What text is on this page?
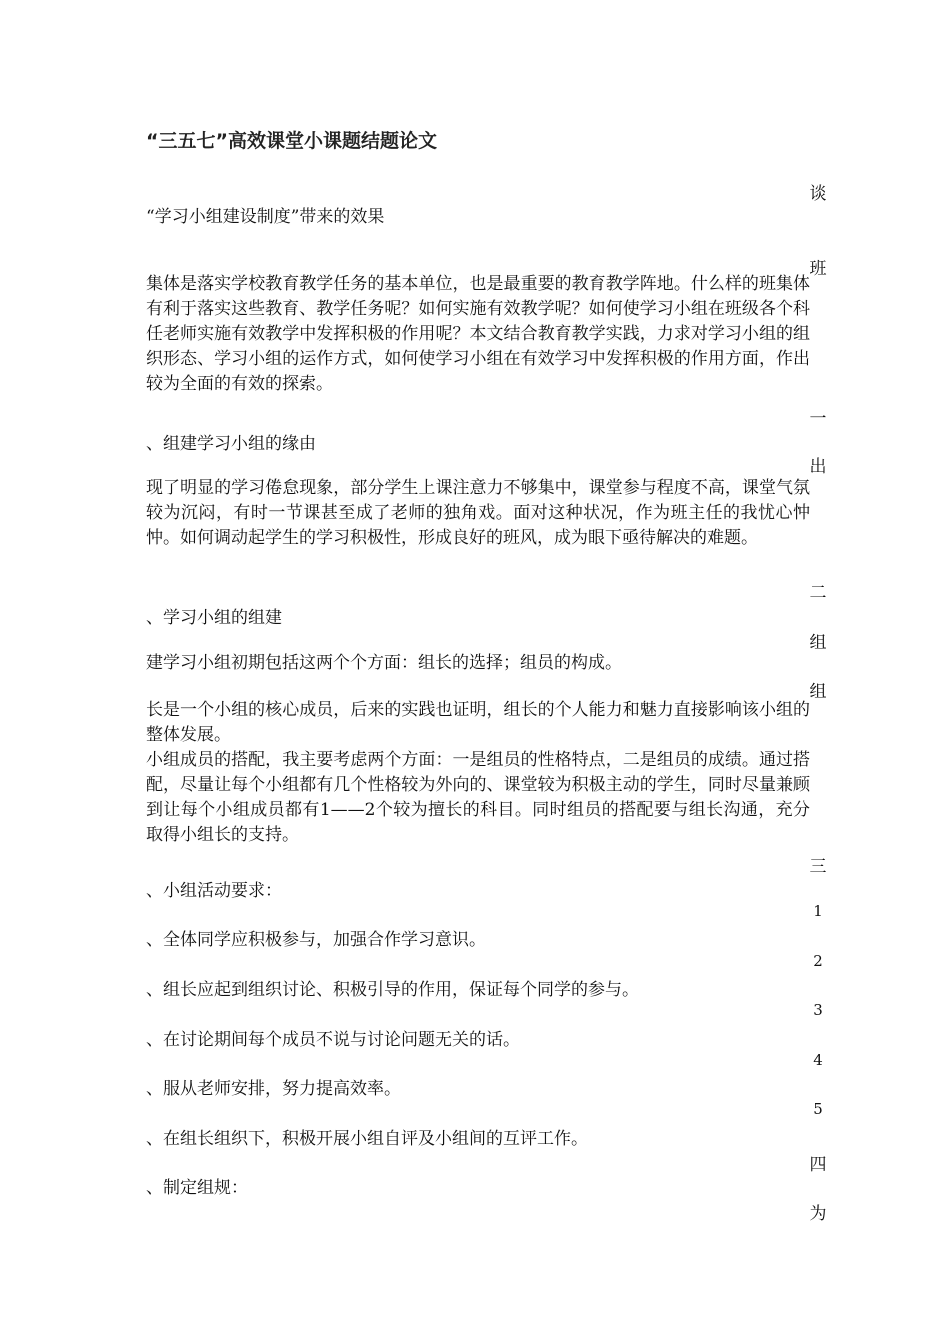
“三五七”高效课堂小课题结题论文
“学习小组建设制度”带来的效果

集体是落实学校教育教学任务的基本单位，也是最重要的教育教学阵地。什么样的班集体有利于落实这些教育、教学任务呢？如何实施有效教学呢？如何使学习小组在班级各个科任老师实施有效教学中发挥积极的作用呢？本文结合教育教学实践，力求对学习小组的组织形态、学习小组的运作方式，如何使学习小组在有效学习中发挥积极的作用方面，作出较为全面的有效的探索。

、组建学习小组的缘由

现了明显的学习倦怠现象，部分学生上课注意力不够集中，课堂参与程度不高，课堂气氛较为沉闷，有时一节课甚至成了老师的独角戏。面对这种状况，作为班主任的我忧心忡忡。如何调动起学生的学习积极性，形成良好的班风，成为眼下亟待解决的难题。

、学习小组的组建

建学习小组初期包括这两个个方面：组长的选择；组员的构成。

长是一个小组的核心成员，后来的实践也证明，组长的个人能力和魅力直接影响该小组的整体发展。

小组成员的搭配，我主要考虑两个方面：一是组员的性格特点，二是组员的成绩。通过搭配，尽量让每个小组都有几个性格较为外向的、课堂较为积极主动的学生，同时尽量兼顾到让每个小组成员都有1——2个较为擅长的科目。同时组员的搭配要与组长沟通，充分取得小组长的支持。

、小组活动要求：

、全体同学应积极参与，加强合作学习意识。

、组长应起到组织讨论、积极引导的作用，保证每个同学的参与。

、在讨论期间每个成员不说与讨论问题无关的话。

、服从老师安排，努力提高效率。

、在组长组织下，积极开展小组自评及小组间的互评工作。

、制定组规：

谈
班
一
出
二
组
组
三
1
2
3
4
5
四
为
